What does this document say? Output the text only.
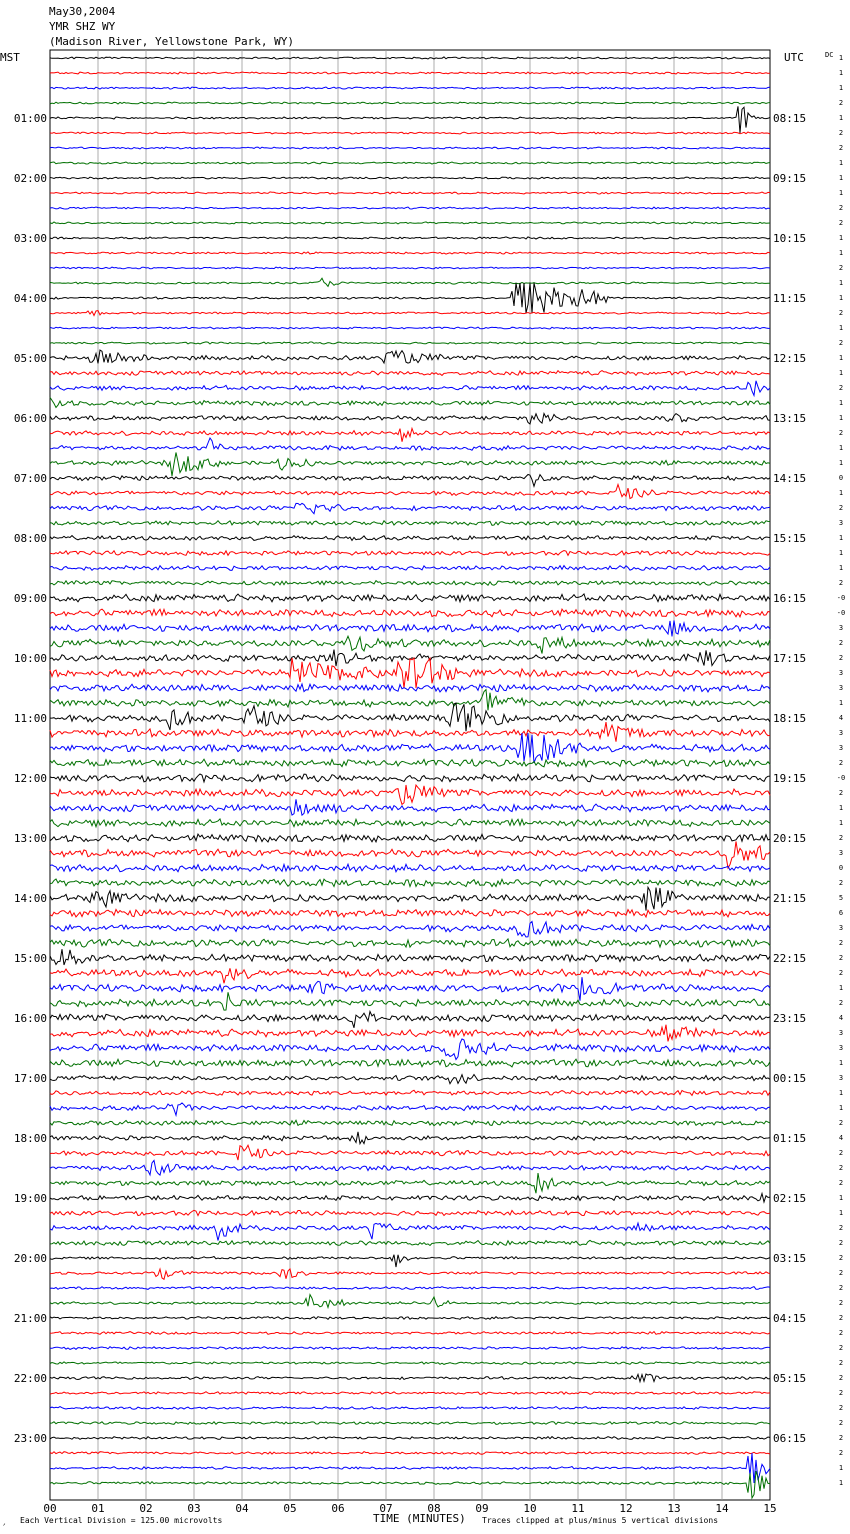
May30,2004
YMR SHZ WY
(Madison River, Yellowstone Park, WY)
1
1
1
2
1
2
2
1
1
1
2
2
1
1
2
1
1
2
1
2
1
1
2
1
1
2
1
1
0
1
2
3
1
1
1
2
-0
-0
3
2
2
3
3
1
4
3
3
2
-0
2
1
1
2
3
0
2
5
6
3
2
2
2
1
2
4
3
3
1
3
1
1
2
4
2
2
2
1
1
2
2
2
2
2
2
2
2
2
2
2
2
2
2
2
2
1
1
01:00
02:00
03:00
04:00
05:00
06:00
07:00
08:00
09:00
10:00
11:00
12:00
13:00
14:00
15:00
16:00
17:00
18:00
19:00
20:00
21:00
22:00
23:00
08:15
09:15
10:15
11:15
12:15
13:15
14:15
15:15
16:15
17:15
18:15
19:15
20:15
21:15
22:15
23:15
00:15
01:15
02:15
03:15
04:15
05:15
06:15
00	01	02	03	04	05	06	07	08	09	10	11	12	13	14	15
MST	UTC	DC
◞ Each Vertical Division = 125.00 microvolts	TIME (MINUTES) Traces clipped at plus/minus 5 vertical divisions
